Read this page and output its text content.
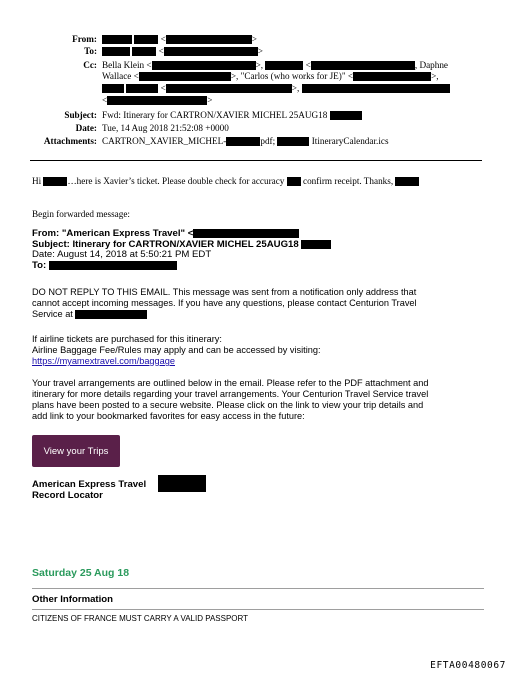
From:	<	>
To:	<	>
Cc: Bella Klein <	>,	<	, Daphne
Wallace <	>, "Carlos (who works for JE)" <	>,
<	>,
<	>
Subject: Fwd: Itinerary for CARTRON/XAVIER MICHEL 25AUG18
Date: Tue, 14 Aug 2018 21:52:08 +0000
Attachments: CARTRON_XAVIER_MICHEL-	pdf;	ItineraryCalendar.ics
Hi	…here is Xavier’s ticket. Please double check for accuracy confirm receipt. Thanks,
Begin forwarded message:
From: "American Express Travel" <
Subject: Itinerary for CARTRON/XAVIER MICHEL 25AUG18
Date: August 14, 2018 at 5:50:21 PM EDT
To:
DO NOT REPLY TO THIS EMAIL. This message was sent from a notification only address that
cannot accept incoming messages. If you have any questions, please contact Centurion Travel
Service at
If airline tickets are purchased for this itinerary:
Airline Baggage Fee/Rules may apply and can be accessed by visiting:
https://myamextravel.com/baggage
Your travel arrangements are outlined below in the email. Please refer to the PDF attachment and
itinerary for more details regarding your travel arrangements. Your Centurion Travel Service travel
plans have been posted to a secure website. Please click on the link to view your trip details and
add link to your bookmarked favorites for easy access in the future:
View your Trips
American Express Travel
Record Locator
Saturday 25 Aug 18
Other Information
CITIZENS OF FRANCE MUST CARRY A VALID PASSPORT
EFTA00480067
